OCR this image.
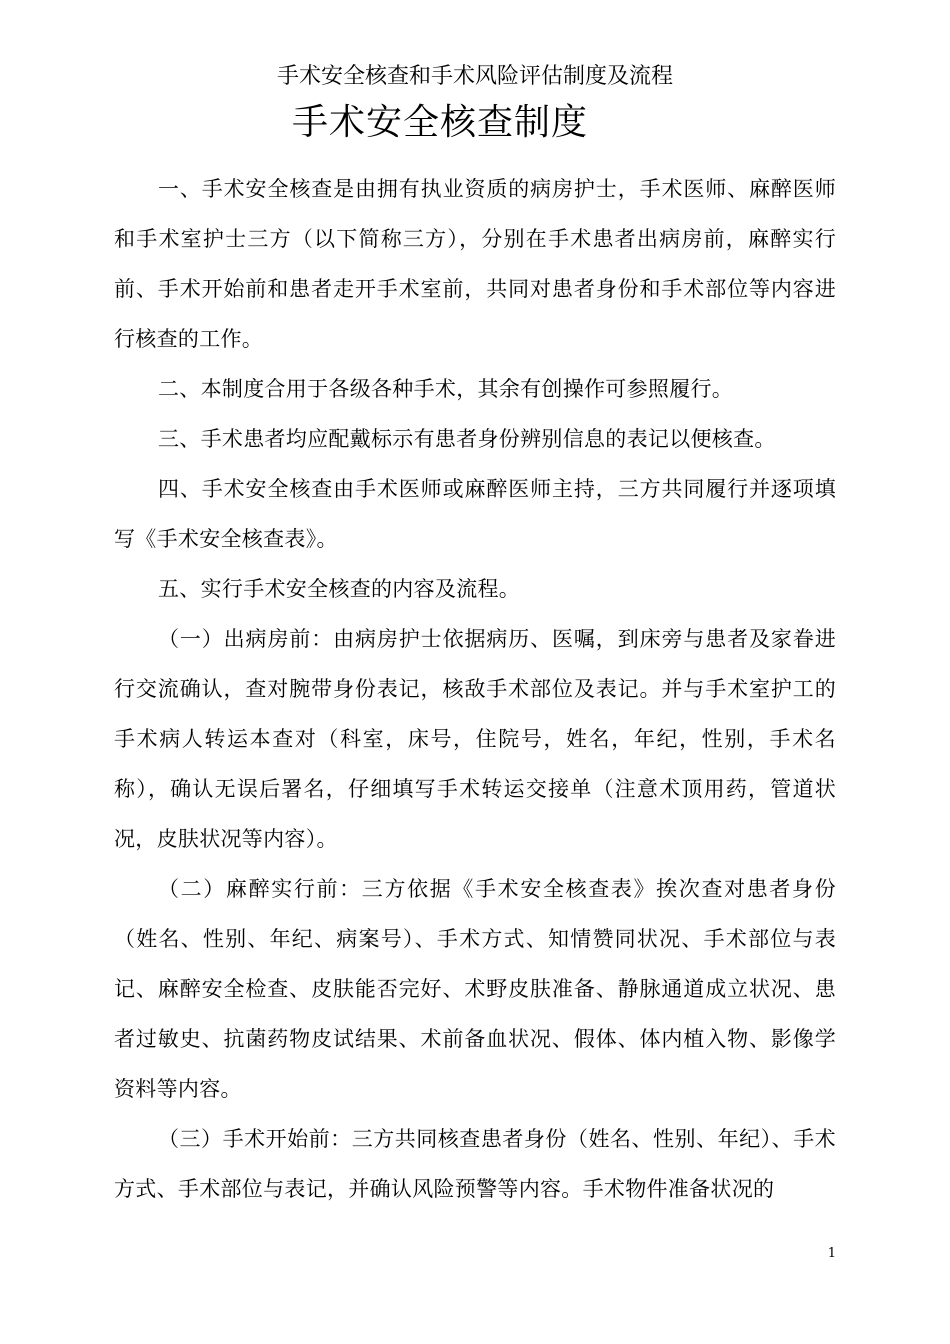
手术安全核查和手术风险评估制度及流程
手术安全核查制度

一、手术安全核查是由拥有执业资质的病房护士，手术医师、麻醉医师和手术室护士三方（以下简称三方），分别在手术患者出病房前，麻醉实行前、手术开始前和患者走开手术室前，共同对患者身份和手术部位等内容进行核查的工作。

二、本制度合用于各级各种手术，其余有创操作可参照履行。

三、手术患者均应配戴标示有患者身份辨别信息的表记以便核查。

四、手术安全核查由手术医师或麻醉医师主持，三方共同履行并逐项填写《手术安全核查表》。

五、实行手术安全核查的内容及流程。

（一）出病房前：由病房护士依据病历、医嘱，到床旁与患者及家眷进行交流确认，查对腕带身份表记，核敌手术部位及表记。并与手术室护工的手术病人转运本查对（科室，床号，住院号，姓名，年纪，性别，手术名称），确认无误后署名，仔细填写手术转运交接单（注意术顶用药，管道状况，皮肤状况等内容）。

（二）麻醉实行前：三方依据《手术安全核查表》挨次查对患者身份（姓名、性别、年纪、病案号）、手术方式、知情赞同状况、手术部位与表记、麻醉安全检查、皮肤能否完好、术野皮肤准备、静脉通道成立状况、患者过敏史、抗菌药物皮试结果、术前备血状况、假体、体内植入物、影像学资料等内容。

（三）手术开始前：三方共同核查患者身份（姓名、性别、年纪）、手术方式、手术部位与表记，并确认风险预警等内容。手术物件准备状况的

1
